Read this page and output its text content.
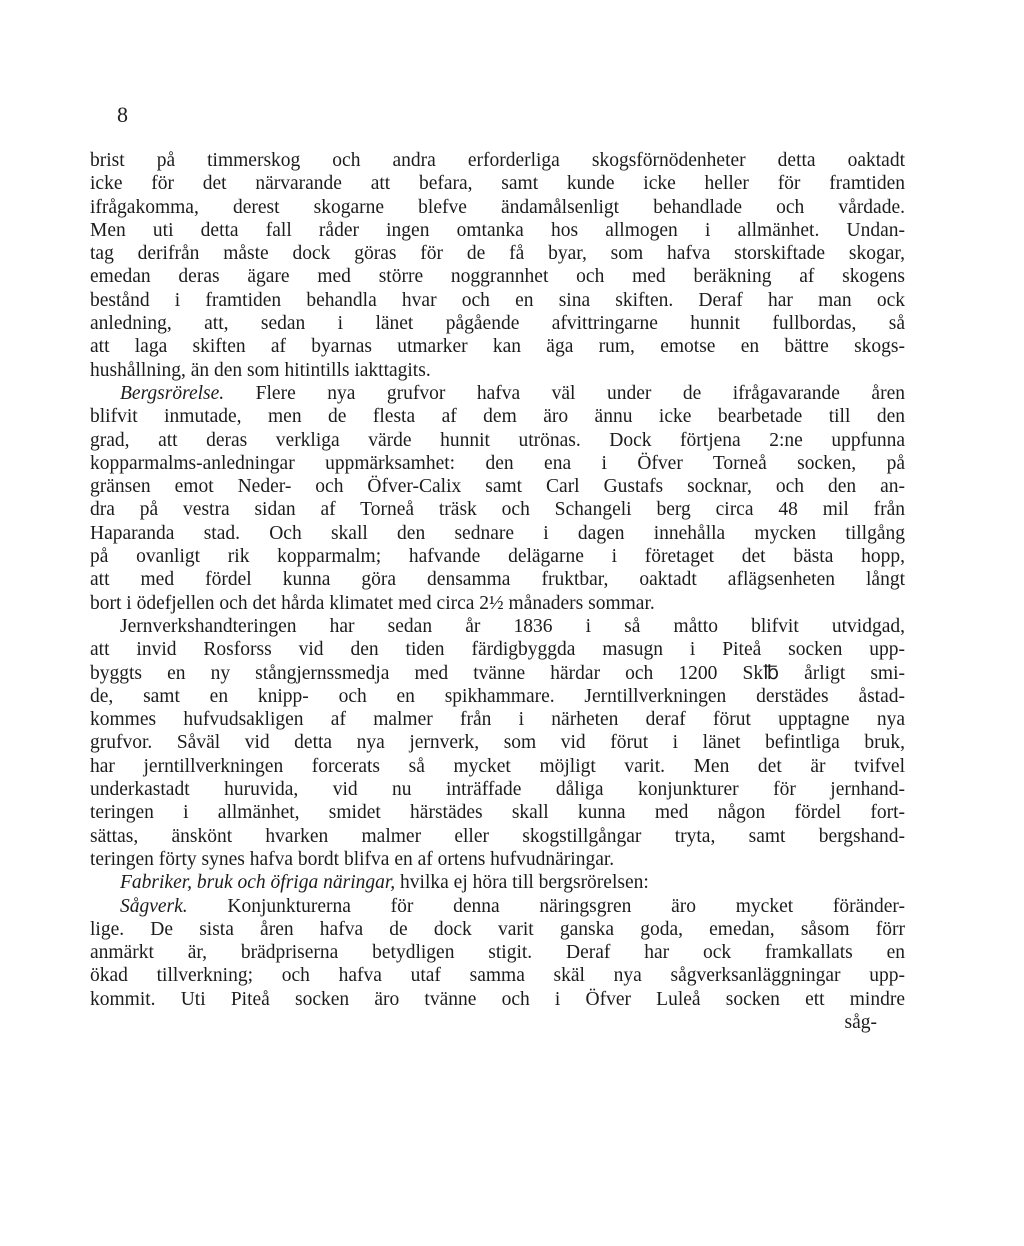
8
brist på timmerskog och andra erforderliga skogsförnödenheter detta oaktadt
icke för det närvarande att befara, samt kunde icke heller för framtiden
ifrågakomma, derest skogarne blefve ändamålsenligt behandlade och vårdade.
Men uti detta fall råder ingen omtanka hos allmogen i allmänhet. Undan-
tag derifrån måste dock göras för de få byar, som hafva storskiftade skogar,
emedan deras ägare med större noggrannhet och med beräkning af skogens
bestånd i framtiden behandla hvar och en sina skiften. Deraf har man ock
anledning, att, sedan i länet pågående afvittringarne hunnit fullbordas, så
att laga skiften af byarnas utmarker kan äga rum, emotse en bättre skogs-
hushållning, än den som hitintills iakttagits.
Bergsrörelse. Flere nya grufvor hafva väl under de ifrågavarande åren
blifvit inmutade, men de flesta af dem äro ännu icke bearbetade till den
grad, att deras verkliga värde hunnit utrönas. Dock förtjena 2:ne uppfunna
kopparmalms-anledningar uppmärksamhet: den ena i Öfver Torneå socken, på
gränsen emot Neder- och Öfver-Calix samt Carl Gustafs socknar, och den an-
dra på vestra sidan af Torneå träsk och Schangeli berg circa 48 mil från
Haparanda stad. Och skall den sednare i dagen innehålla mycken tillgång
på ovanligt rik kopparmalm; hafvande delägarne i företaget det bästa hopp,
att med fördel kunna göra densamma fruktbar, oaktadt aflägsenheten långt
bort i ödefjellen och det hårda klimatet med circa 2½ månaders sommar.
Jernverkshandteringen har sedan år 1836 i så måtto blifvit utvidgad,
att invid Rosforss vid den tiden färdigbyggda masugn i Piteå socken upp-
byggts en ny stångjernssmedja med tvänne härdar och 1200 Sk℔ årligt smi-
de, samt en knipp- och en spikhammare. Jerntillverkningen derstädes åstad-
kommes hufvudsakligen af malmer från i närheten deraf förut upptagne nya
grufvor. Såväl vid detta nya jernverk, som vid förut i länet befintliga bruk,
har jerntillverkningen forcerats så mycket möjligt varit. Men det är tvifvel
underkastadt huruvida, vid nu inträffade dåliga konjunkturer för jernhand-
teringen i allmänhet, smidet härstädes skall kunna med någon fördel fort-
sättas, änskönt hvarken malmer eller skogstillgångar tryta, samt bergshand-
teringen förty synes hafva bordt blifva en af ortens hufvudnäringar.
Fabriker, bruk och öfriga näringar, hvilka ej höra till bergsrörelsen:
Sågverk. Konjunkturerna för denna näringsgren äro mycket föränder-
lige. De sista åren hafva de dock varit ganska goda, emedan, såsom förr
anmärkt är, brädpriserna betydligen stigit. Deraf har ock framkallats en
ökad tillverkning; och hafva utaf samma skäl nya sågverksanläggningar upp-
kommit. Uti Piteå socken äro tvänne och i Öfver Luleå socken ett mindre
såg-
